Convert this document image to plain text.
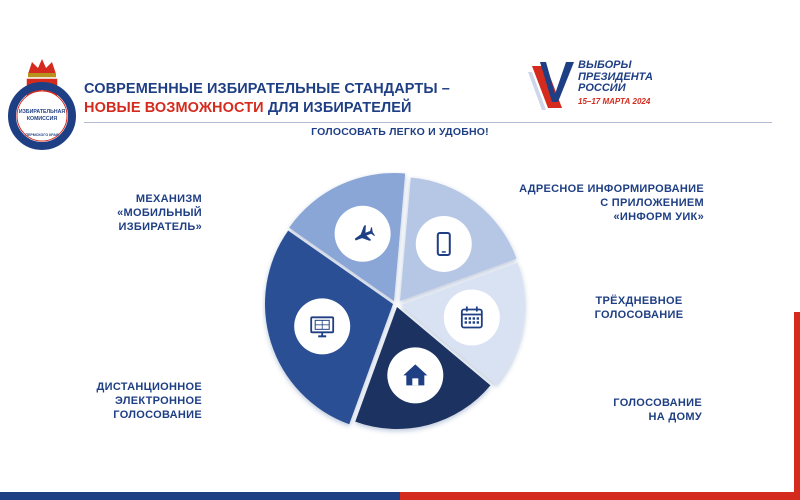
ИЗБИРАТЕЛЬНАЯ
КОМИССИЯ
ПЕРМСКОГО КРАЯ
СОВРЕМЕННЫЕ ИЗБИРАТЕЛЬНЫЕ СТАНДАРТЫ –
НОВЫЕ ВОЗМОЖНОСТИ ДЛЯ ИЗБИРАТЕЛЕЙ
ВЫБОРЫ
ПРЕЗИДЕНТА
РОССИИ
15–17 МАРТА 2024
ГОЛОСОВАТЬ ЛЕГКО И УДОБНО!
МЕХАНИЗМ
«МОБИЛЬНЫЙ
ИЗБИРАТЕЛЬ»
АДРЕСНОЕ ИНФОРМИРОВАНИЕ
С ПРИЛОЖЕНИЕМ
«ИНФОРМ УИК»
ТРЁХДНЕВНОЕ
ГОЛОСОВАНИЕ
ДИСТАНЦИОННОЕ
ЭЛЕКТРОННОЕ
ГОЛОСОВАНИЕ
ГОЛОСОВАНИЕ
НА ДОМУ
